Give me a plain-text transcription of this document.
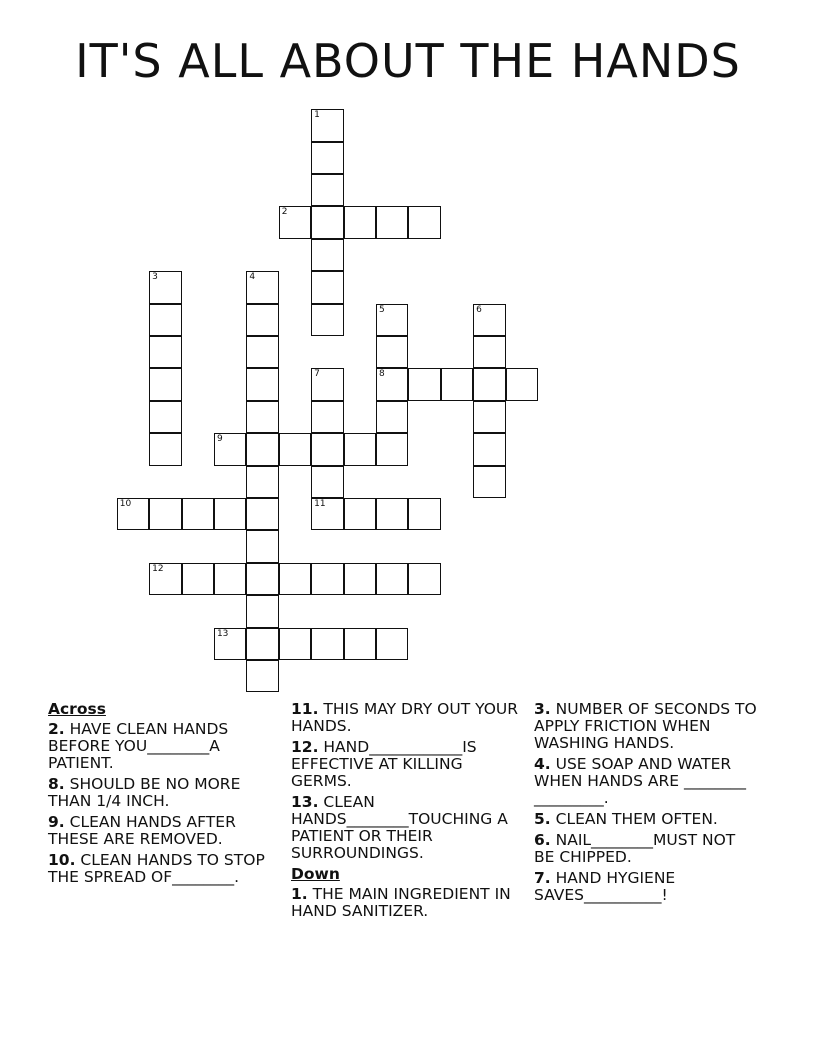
IT'S ALL ABOUT THE HANDS
1
2
3	4
5
8
6
7
11
9
10
12
13
Across
2. HAVE CLEAN HANDS BEFORE YOU________A PATIENT.
8. SHOULD BE NO MORE THAN 1/4 INCH.
9. CLEAN HANDS AFTER THESE ARE REMOVED.
10. CLEAN HANDS TO STOP THE SPREAD OF________.
11. THIS MAY DRY OUT YOUR HANDS.
12. HAND____________IS EFFECTIVE AT KILLING GERMS.
13. CLEAN HANDS________TOUCHING A PATIENT OR THEIR SURROUNDINGS.
Down
1. THE MAIN INGREDIENT IN HAND SANITIZER.
3. NUMBER OF SECONDS TO APPLY FRICTION WHEN WASHING HANDS.
4. USE SOAP AND WATER WHEN HANDS ARE ________ _________.
5. CLEAN THEM OFTEN.
6. NAIL________MUST NOT BE CHIPPED.
7. HAND HYGIENE SAVES__________!
